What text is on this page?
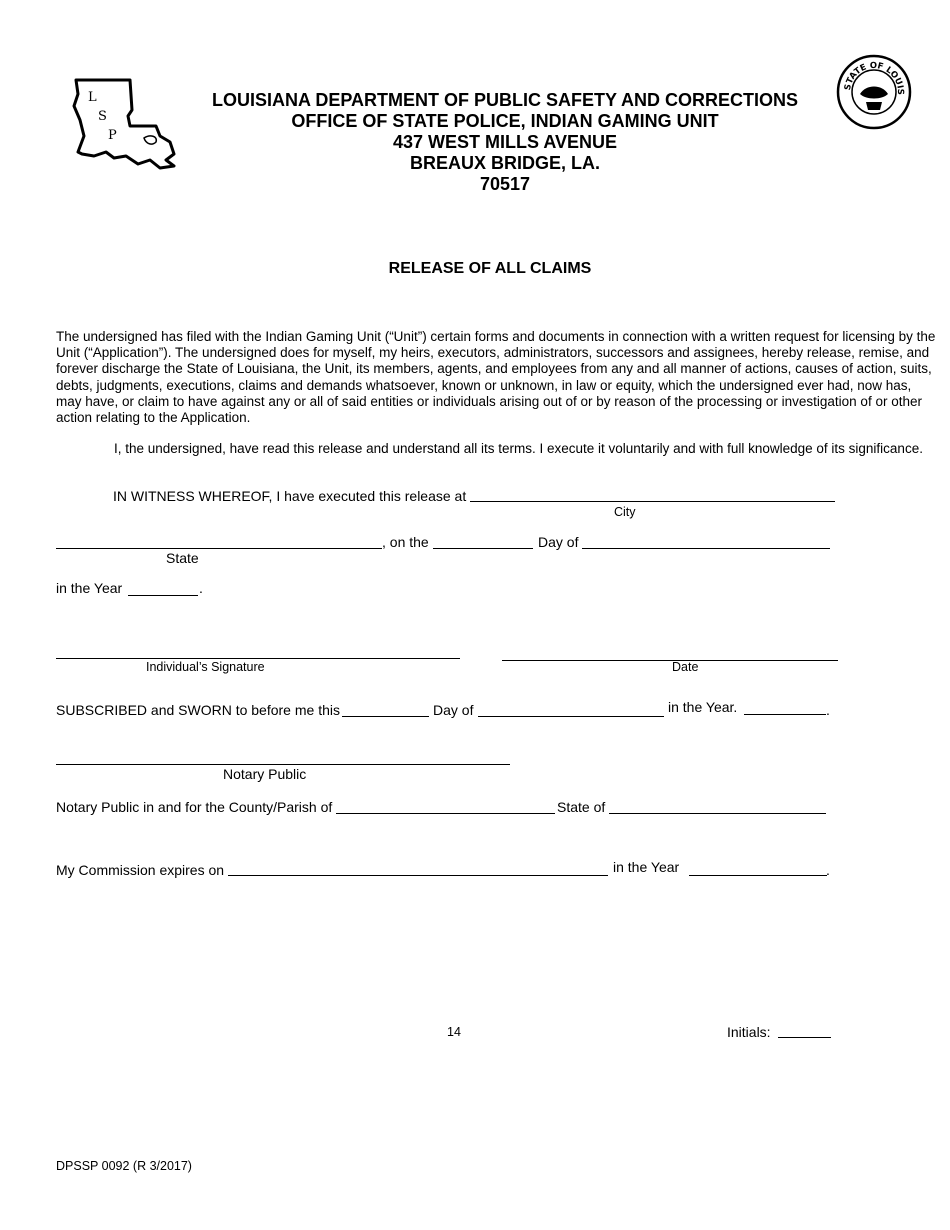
L
S
P
STATE OF LOUIS
LOUISIANA DEPARTMENT OF PUBLIC SAFETY AND CORRECTIONS
OFFICE OF STATE POLICE, INDIAN GAMING UNIT
437 WEST MILLS AVENUE
BREAUX BRIDGE, LA.
70517
RELEASE OF ALL CLAIMS
The undersigned has filed with the Indian Gaming Unit (“Unit”) certain forms and documents in connection with a written request for licensing by the Unit (“Application”). The undersigned does for myself, my heirs, executors, administrators, successors and assignees, hereby release, remise, and forever discharge the State of Louisiana, the Unit, its members, agents, and employees from any and all manner of actions, causes of action, suits, debts, judgments, executions, claims and demands whatsoever, known or unknown, in law or equity, which the undersigned ever had, now has, may have, or claim to have against any or all of said entities or individuals arising out of or by reason of the processing or investigation of or other action relating to the Application.
I, the undersigned, have read this release and understand all its terms. I execute it voluntarily and with full knowledge of its significance.
IN WITNESS WHEREOF, I have executed this release at
City
, on the	Day of
State
in the Year	.
Individual’s Signature	Date
SUBSCRIBED and SWORN to before me this	Day of	in the Year.	.
Notary Public
Notary Public in and for the County/Parish of	State of
My Commission expires on	in the Year	.
14	Initials:
DPSSP 0092 (R 3/2017)
